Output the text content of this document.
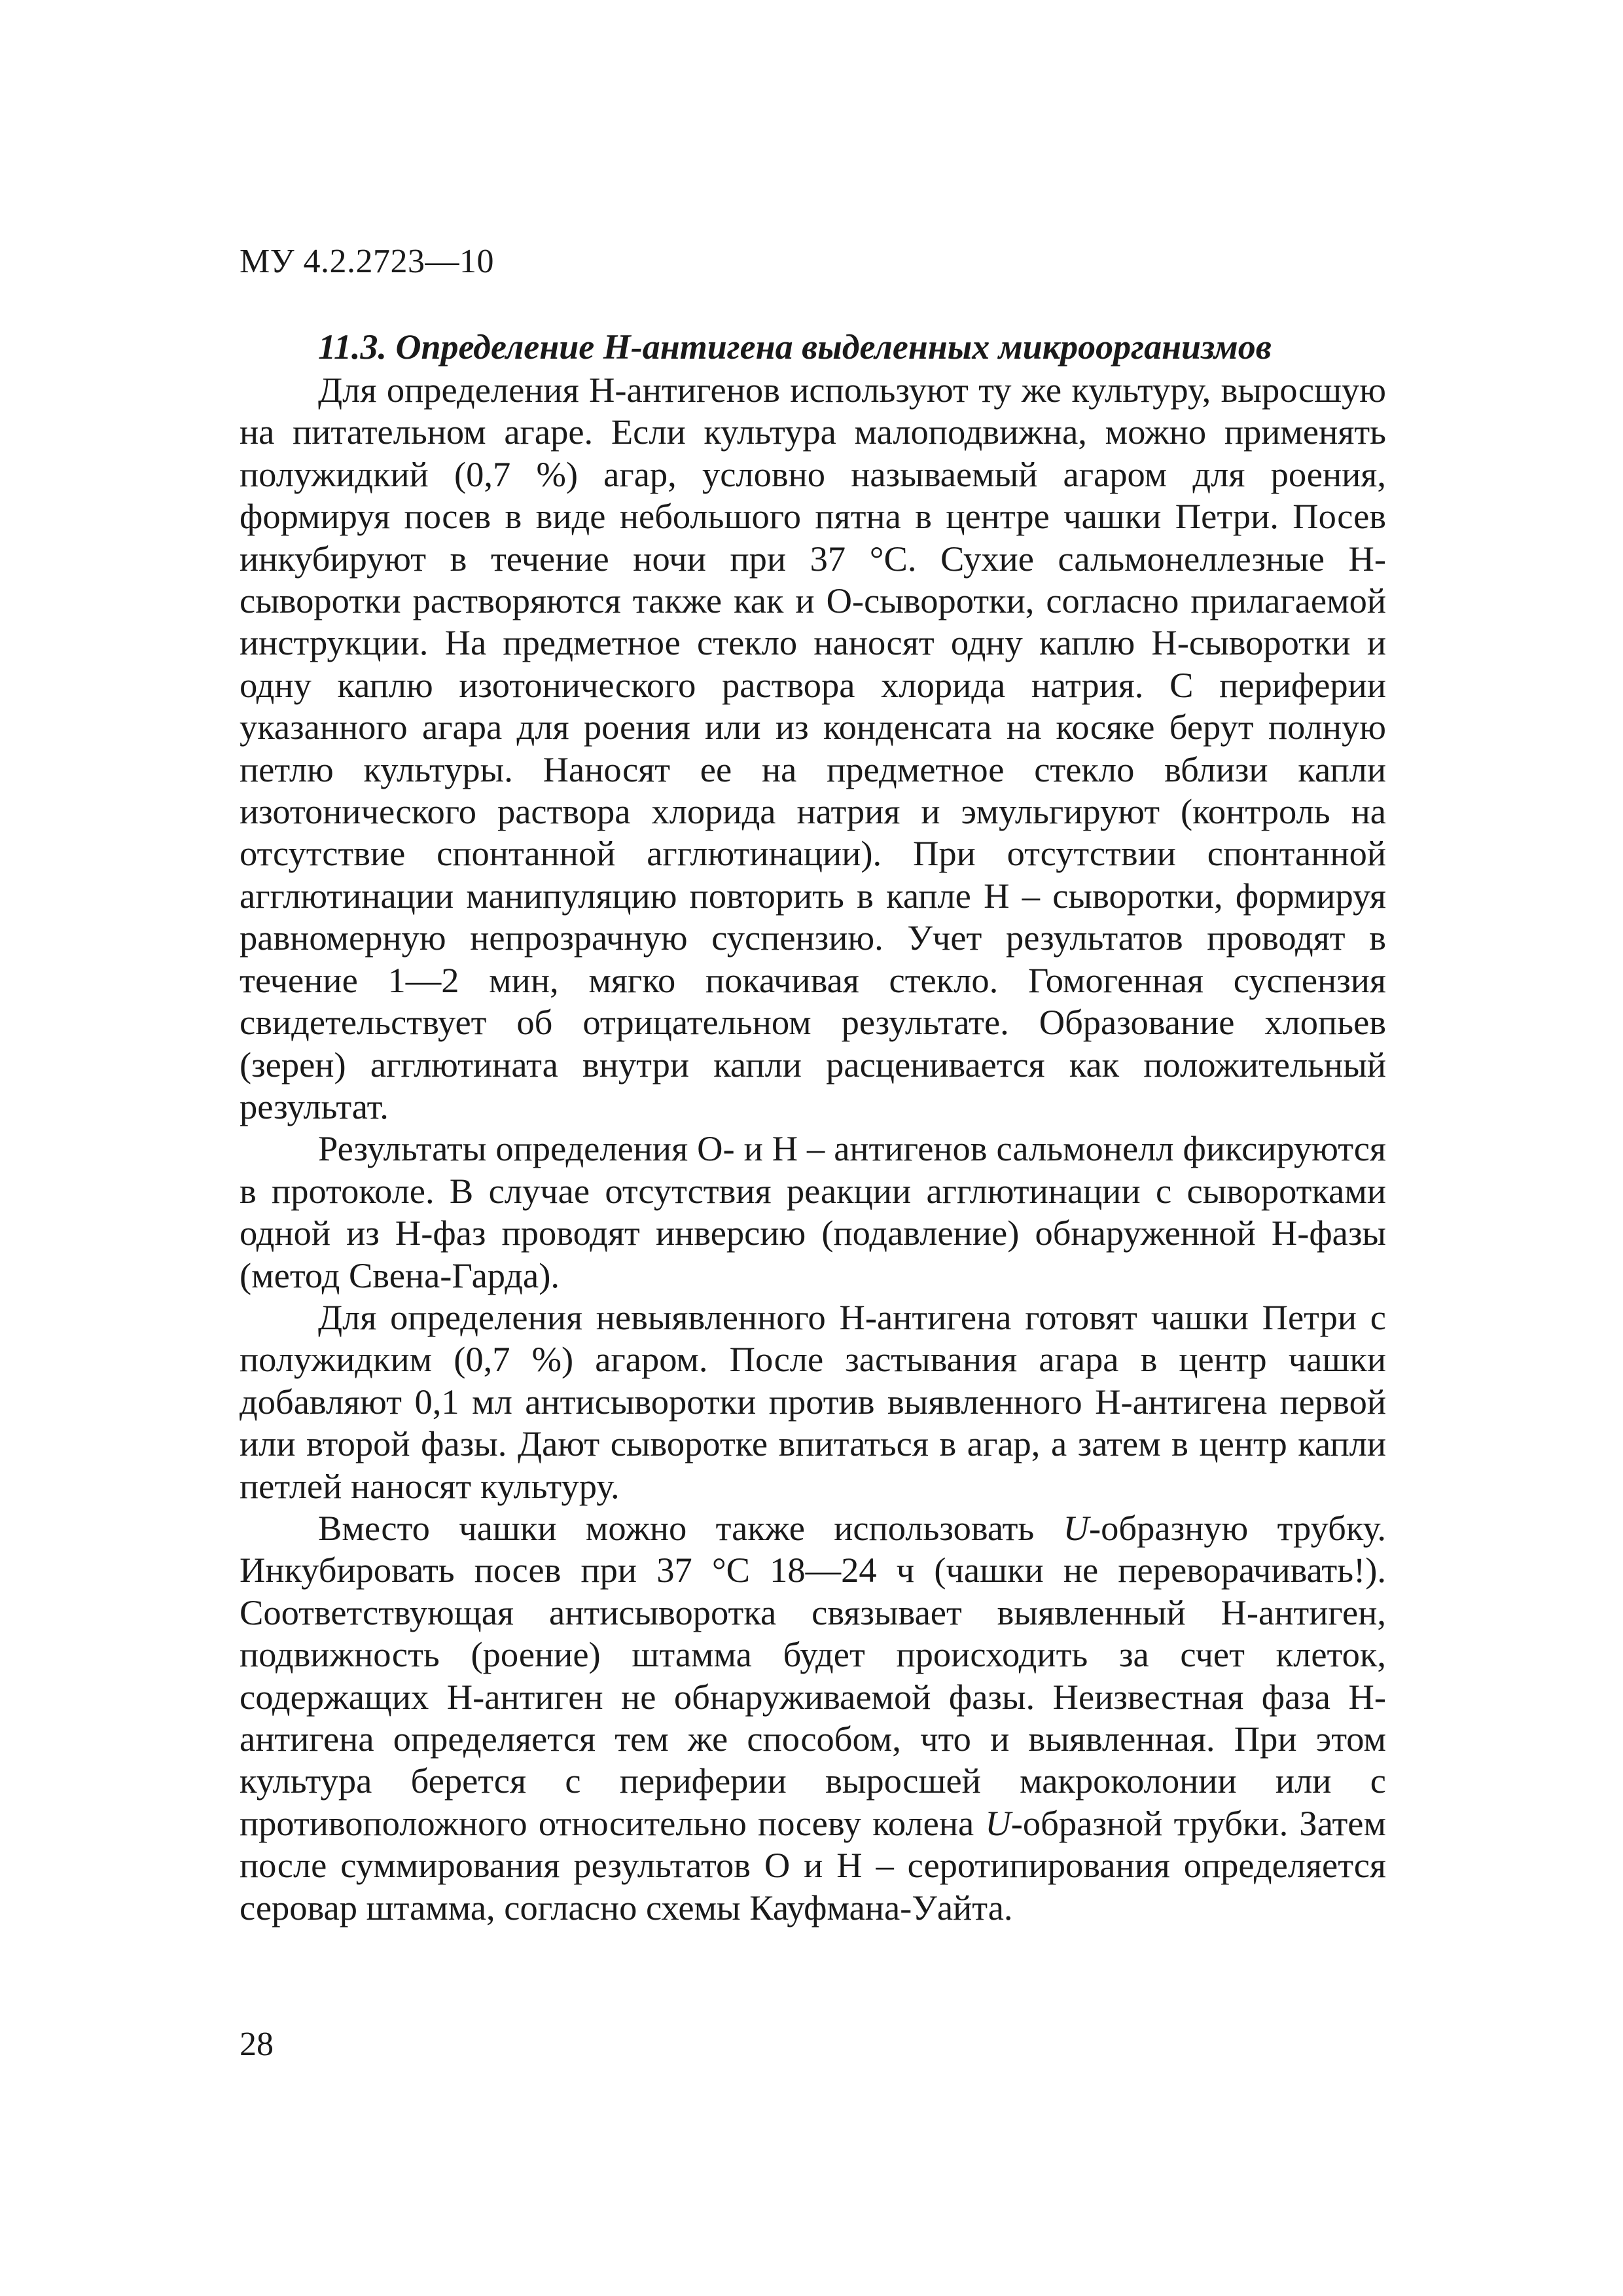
МУ 4.2.2723—10
11.3. Определение Н-антигена выделенных микроорганизмов

Для определения Н-антигенов используют ту же культуру, выросшую на питательном агаре. Если культура малоподвижна, можно применять полужидкий (0,7 %) агар, условно называемый агаром для роения, формируя посев в виде небольшого пятна в центре чашки Петри. Посев инкубируют в течение ночи при 37 °С. Сухие сальмонеллезные Н-сыворотки растворяются также как и О-сыворотки, согласно прилагаемой инструкции. На предметное стекло наносят одну каплю Н-сыворотки и одну каплю изотонического раствора хлорида натрия. С периферии указанного агара для роения или из конденсата на косяке берут полную петлю культуры. Наносят ее на предметное стекло вблизи капли изотонического раствора хлорида натрия и эмульгируют (контроль на отсутствие спонтанной агглютинации). При отсутствии спонтанной агглютинации манипуляцию повторить в капле Н – сыворотки, формируя равномерную непрозрачную суспензию. Учет результатов проводят в течение 1—2 мин, мягко покачивая стекло. Гомогенная суспензия свидетельствует об отрицательном результате. Образование хлопьев (зерен) агглютината внутри капли расценивается как положительный результат.

Результаты определения О- и Н – антигенов сальмонелл фиксируются в протоколе. В случае отсутствия реакции агглютинации с сыворотками одной из Н-фаз проводят инверсию (подавление) обнаруженной Н-фазы (метод Свена-Гарда).

Для определения невыявленного Н-антигена готовят чашки Петри с полужидким (0,7 %) агаром. После застывания агара в центр чашки добавляют 0,1 мл антисыворотки против выявленного Н-антигена первой или второй фазы. Дают сыворотке впитаться в агар, а затем в центр капли петлей наносят культуру.

Вместо чашки можно также использовать U-образную трубку. Инкубировать посев при 37 °С 18—24 ч (чашки не переворачивать!). Соответствующая антисыворотка связывает выявленный Н-антиген, подвижность (роение) штамма будет происходить за счет клеток, содержащих Н-антиген не обнаруживаемой фазы. Неизвестная фаза Н-антигена определяется тем же способом, что и выявленная. При этом культура берется с периферии выросшей макроколонии или с противоположного относительно посеву колена U-образной трубки. Затем после суммирования результатов О и Н – серотипирования определяется серовар штамма, согласно схемы Кауфмана-Уайта.

28
